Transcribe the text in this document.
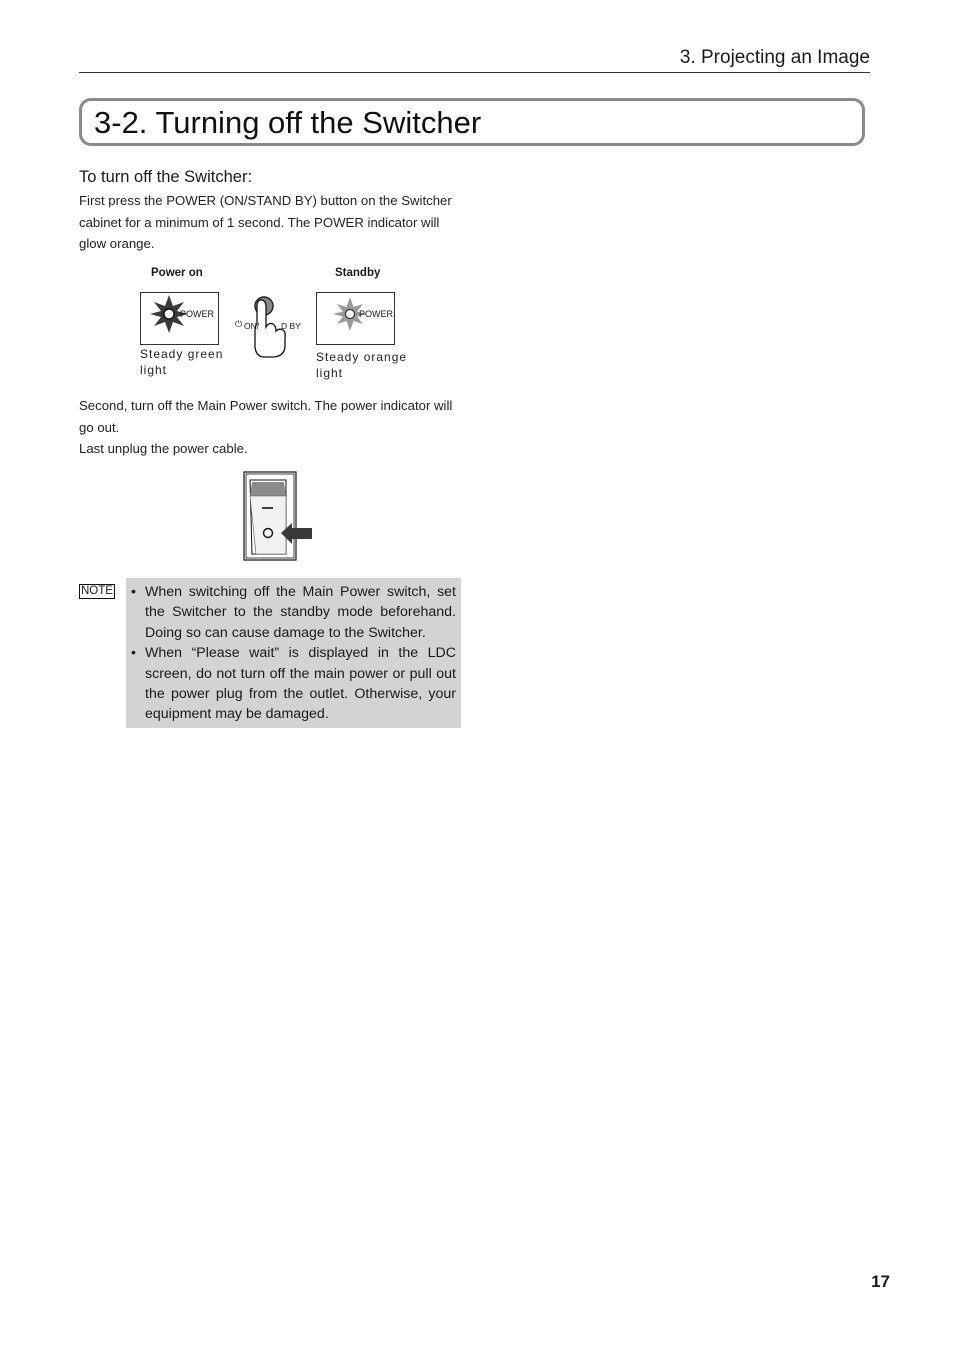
3. Projecting an Image
3-2. Turning off the Switcher
To turn off the Switcher:
First press the POWER (ON/STAND BY) button on the Switcher cabinet for a minimum of 1 second. The POWER indicator will glow orange.
Power on	Standby
POWER	POWER
⏻ ON/	D BY
Steady green
light
Steady orange
light
Second, turn off the Main Power switch. The power indicator will go out.
Last unplug the power cable.
NOTE
• When switching off the Main Power switch, set the Switcher to the standby mode beforehand. Doing so can cause damage to the Switcher.
• When “Please wait” is displayed in the LDC screen, do not turn off the main power or pull out the power plug from the outlet. Otherwise, your equipment may be damaged.
17
